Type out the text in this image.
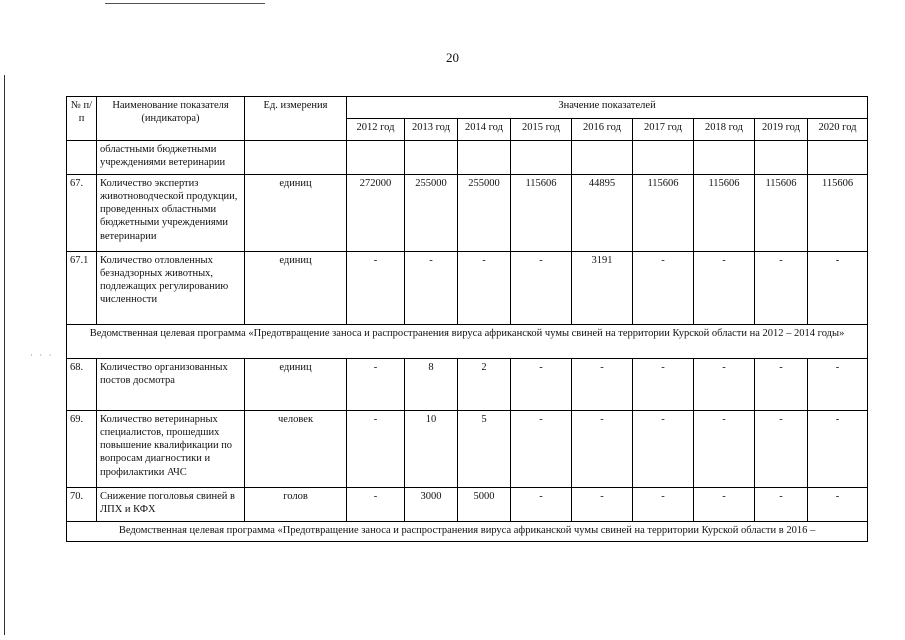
· · ·
20
№ п/п	Наименование показателя (индикатора)	Ед. измерения	Значение показателей								
			2012 год	2013 год	2014 год	2015 год	2016 год	2017 год	2018 год	2019 год	2020 год
	областными бюджетными учреждениями ветеринарии										
67.	Количество экспертиз животноводческой продукции, проведенных областными бюджетными учреждениями ветеринарии	единиц	272000	255000	255000	115606	44895	115606	115606	115606	115606
67.1	Количество отловленных безнадзорных животных, подлежащих регулированию численности	единиц	-	-	-	-	3191	-	-	-	-
Ведомственная целевая программа «Предотвращение заноса и распространения вируса африканской чумы свиней на территории Курской области на 2012 – 2014 годы»											
68.	Количество организованных постов досмотра	единиц	-	8	2	-	-	-	-	-	-
69.	Количество ветеринарных специалистов, прошедших повышение квалификации по вопросам диагностики и профилактики АЧС	человек	-	10	5	-	-	-	-	-	-
70.	Снижение поголовья свиней в ЛПХ и КФХ	голов	-	3000	5000	-	-	-	-	-	-
Ведомственная целевая программа «Предотвращение заноса и распространения вируса африканской чумы свиней на территории Курской области в 2016 –											
